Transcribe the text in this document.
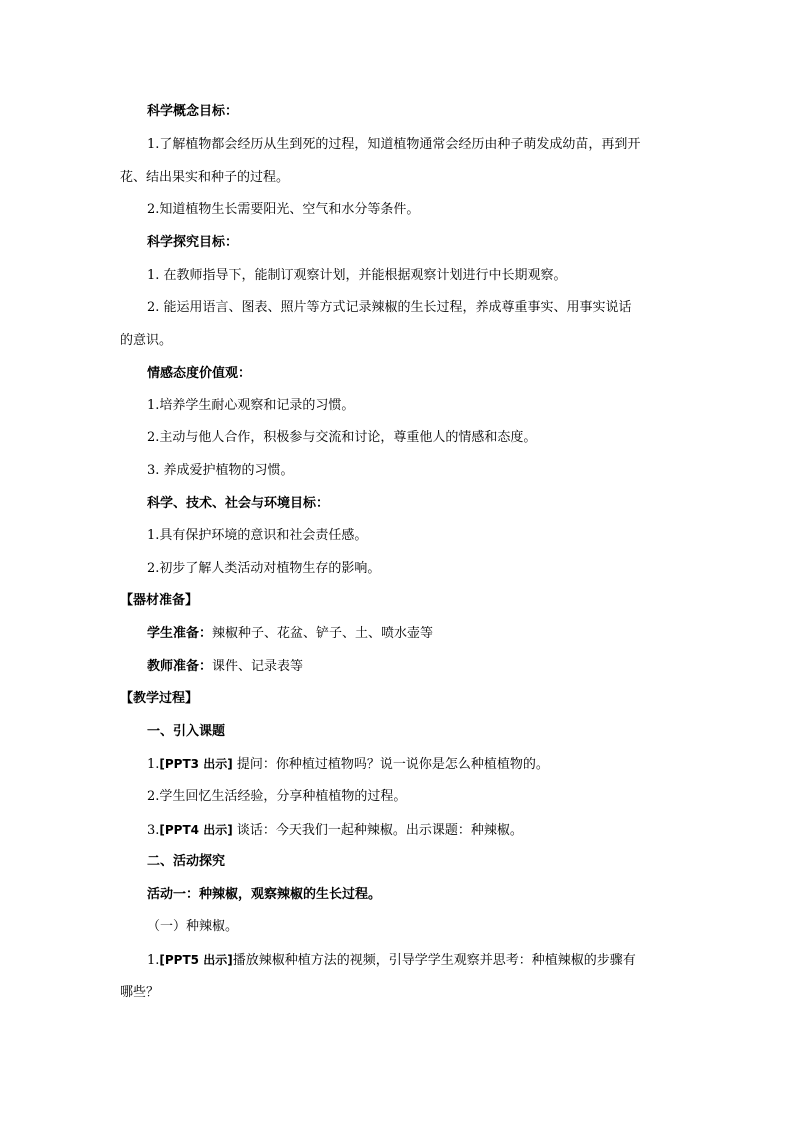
科学概念目标：
1.了解植物都会经历从生到死的过程，知道植物通常会经历由种子萌发成幼苗，再到开
花、结出果实和种子的过程。
2.知道植物生长需要阳光、空气和水分等条件。
科学探究目标：
1. 在教师指导下，能制订观察计划，并能根据观察计划进行中长期观察。
2. 能运用语言、图表、照片等方式记录辣椒的生长过程，养成尊重事实、用事实说话
的意识。
情感态度价值观：
1.培养学生耐心观察和记录的习惯。
2.主动与他人合作，积极参与交流和讨论，尊重他人的情感和态度。
3. 养成爱护植物的习惯。
科学、技术、社会与环境目标：
1.具有保护环境的意识和社会责任感。
2.初步了解人类活动对植物生存的影响。
【器材准备】
学生准备：辣椒种子、花盆、铲子、土、喷水壶等
教师准备：课件、记录表等
【教学过程】
一、引入课题
1.[PPT3 出示] 提问：你种植过植物吗？说一说你是怎么种植植物的。
2.学生回忆生活经验，分享种植植物的过程。
3.[PPT4 出示] 谈话：今天我们一起种辣椒。出示课题：种辣椒。
二、活动探究
活动一：种辣椒，观察辣椒的生长过程。
（一）种辣椒。
1.[PPT5 出示]播放辣椒种植方法的视频，引导学学生观察并思考：种植辣椒的步骤有
哪些？
